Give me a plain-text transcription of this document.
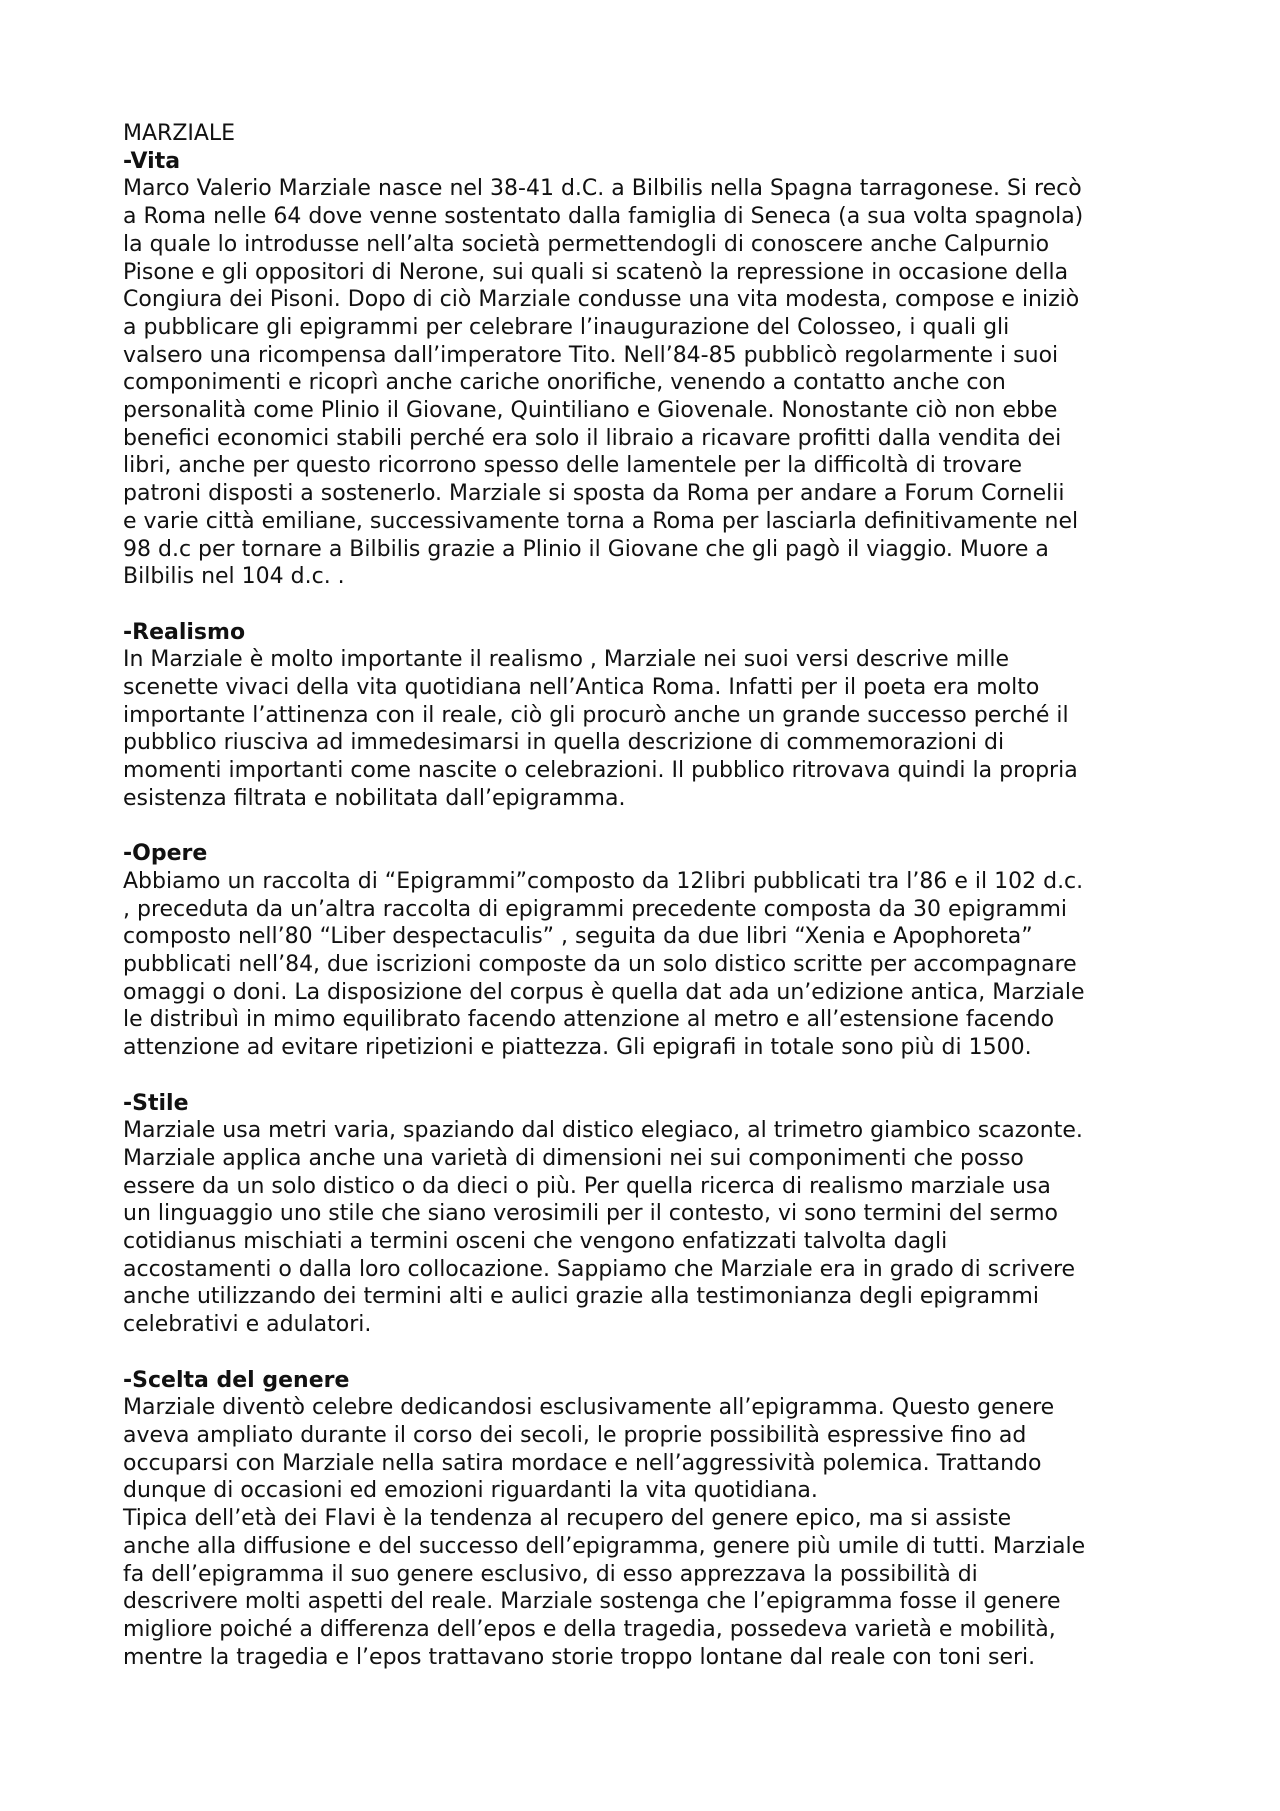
MARZIALE
-Vita

Marco Valerio Marziale nasce nel 38-41 d.C. a Bilbilis nella Spagna tarragonese. Si recò
a Roma nelle 64 dove venne sostentato dalla famiglia di Seneca (a sua volta spagnola)
la quale lo introdusse nell’alta società permettendogli di conoscere anche Calpurnio
Pisone e gli oppositori di Nerone, sui quali si scatenò la repressione in occasione della
Congiura dei Pisoni. Dopo di ciò Marziale condusse una vita modesta, compose e iniziò
a pubblicare gli epigrammi per celebrare l’inaugurazione del Colosseo, i quali gli
valsero una ricompensa dall’imperatore Tito. Nell’84-85 pubblicò regolarmente i suoi
componimenti e ricoprì anche cariche onorifiche, venendo a contatto anche con
personalità come Plinio il Giovane, Quintiliano e Giovenale. Nonostante ciò non ebbe
benefici economici stabili perché era solo il libraio a ricavare profitti dalla vendita dei
libri, anche per questo ricorrono spesso delle lamentele per la difficoltà di trovare
patroni disposti a sostenerlo. Marziale si sposta da Roma per andare a Forum Cornelii
e varie città emiliane, successivamente torna a Roma per lasciarla definitivamente nel
98 d.c per tornare a Bilbilis grazie a Plinio il Giovane che gli pagò il viaggio. Muore a
Bilbilis nel 104 d.c. .

-Realismo

In Marziale è molto importante il realismo , Marziale nei suoi versi descrive mille
scenette vivaci della vita quotidiana nell’Antica Roma. Infatti per il poeta era molto
importante l’attinenza con il reale, ciò gli procurò anche un grande successo perché il
pubblico riusciva ad immedesimarsi in quella descrizione di commemorazioni di
momenti importanti come nascite o celebrazioni. Il pubblico ritrovava quindi la propria
esistenza filtrata e nobilitata dall’epigramma.

-Opere

Abbiamo un raccolta di “Epigrammi”composto da 12libri pubblicati tra l’86 e il 102 d.c.
, preceduta da un’altra raccolta di epigrammi precedente composta da 30 epigrammi
composto nell’80 “Liber despectaculis” , seguita da due libri “Xenia e Apophoreta”
pubblicati nell’84, due iscrizioni composte da un solo distico scritte per accompagnare
omaggi o doni. La disposizione del corpus è quella dat ada un’edizione antica, Marziale
le distribuì in mimo equilibrato facendo attenzione al metro e all’estensione facendo
attenzione ad evitare ripetizioni e piattezza. Gli epigrafi in totale sono più di 1500.

-Stile

Marziale usa metri varia, spaziando dal distico elegiaco, al trimetro giambico scazonte.
Marziale applica anche una varietà di dimensioni nei sui componimenti che posso
essere da un solo distico o da dieci o più. Per quella ricerca di realismo marziale usa
un linguaggio uno stile che siano verosimili per il contesto, vi sono termini del sermo
cotidianus mischiati a termini osceni che vengono enfatizzati talvolta dagli
accostamenti o dalla loro collocazione. Sappiamo che Marziale era in grado di scrivere
anche utilizzando dei termini alti e aulici grazie alla testimonianza degli epigrammi
celebrativi e adulatori.

-Scelta del genere

Marziale diventò celebre dedicandosi esclusivamente all’epigramma. Questo genere
aveva ampliato durante il corso dei secoli, le proprie possibilità espressive fino ad
occuparsi con Marziale nella satira mordace e nell’aggressività polemica. Trattando
dunque di occasioni ed emozioni riguardanti la vita quotidiana.

Tipica dell’età dei Flavi è la tendenza al recupero del genere epico, ma si assiste
anche alla diffusione e del successo dell’epigramma, genere più umile di tutti. Marziale
fa dell’epigramma il suo genere esclusivo, di esso apprezzava la possibilità di
descrivere molti aspetti del reale. Marziale sostenga che l’epigramma fosse il genere
migliore poiché a differenza dell’epos e della tragedia, possedeva varietà e mobilità,
mentre la tragedia e l’epos trattavano storie troppo lontane dal reale con toni seri.
